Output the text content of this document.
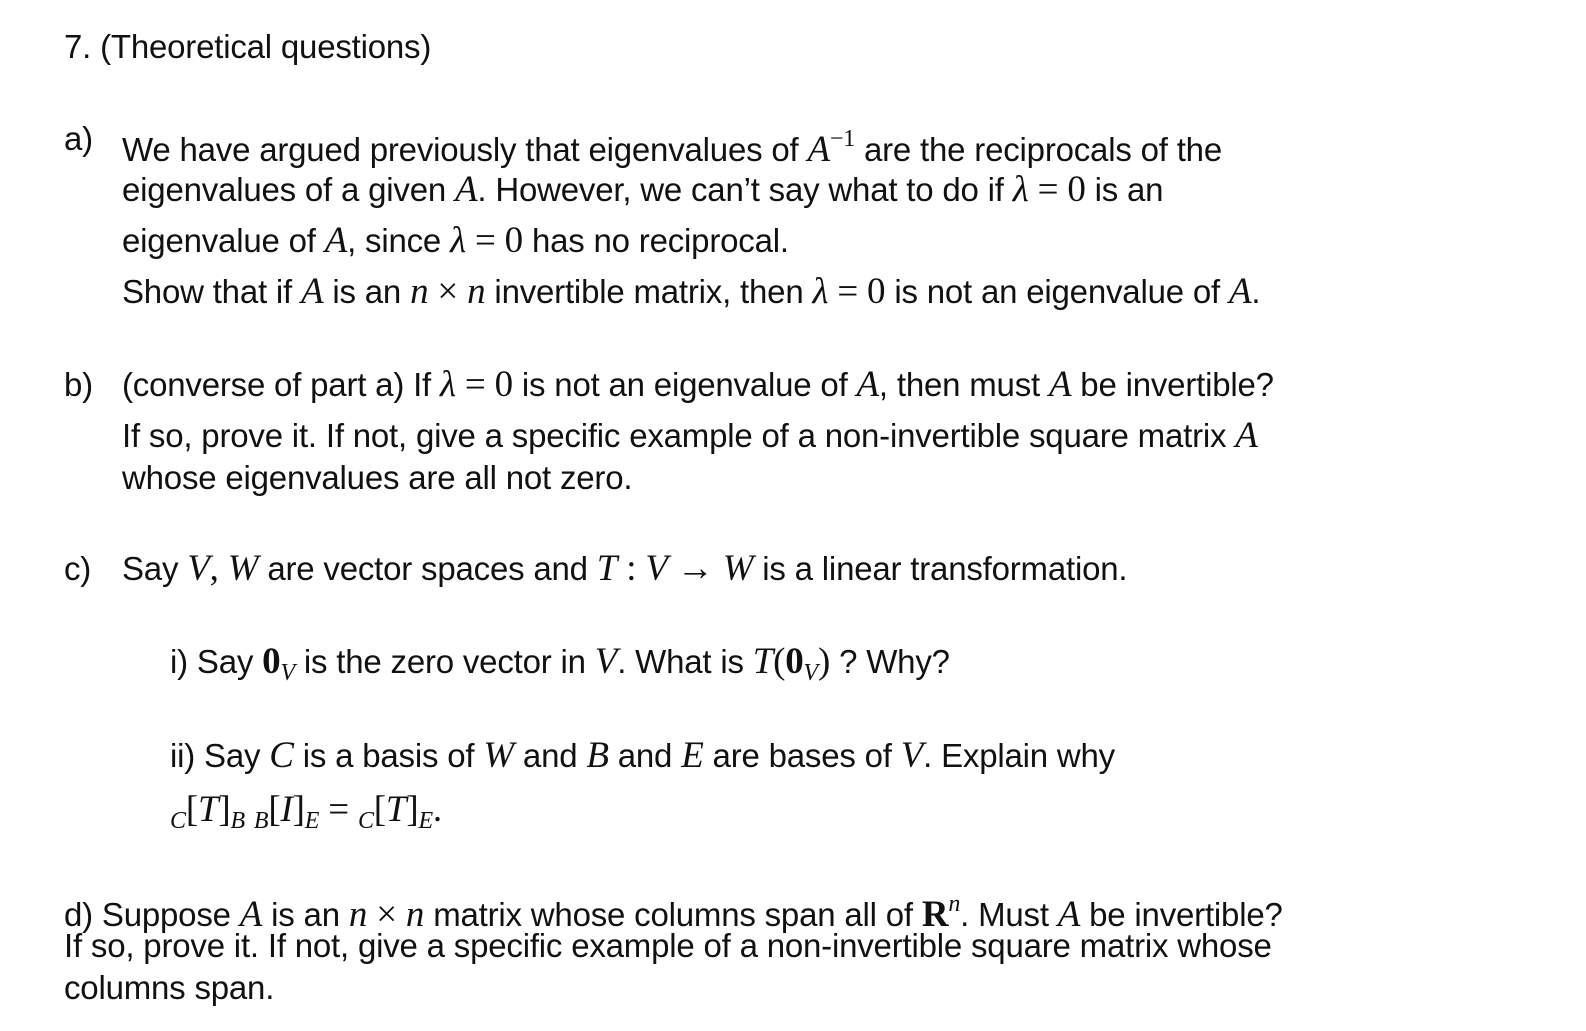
7. (Theoretical questions)
a) We have argued previously that eigenvalues of $A^{-1}$ are the reciprocals of the
eigenvalues of a given A. However, we can’t say what to do if λ = 0 is an
eigenvalue of A, since λ = 0 has no reciprocal.
Show that if A is an n × n invertible matrix, then λ = 0 is not an eigenvalue of A.
b) (converse of part a) If λ = 0 is not an eigenvalue of A, then must A be invertible?
If so, prove it. If not, give a specific example of a non-invertible square matrix A
whose eigenvalues are all not zero.
c) Say V, W are vector spaces and T : V → W is a linear transformation.
i) Say $0_V$ is the zero vector in V. What is $T(0_V)$ ? Why?
ii) Say C is a basis of W and B and E are bases of V. Explain why
$_C[T]_B$ $_B[I]_E = _C[T]_E$.
d) Suppose A is an n × n matrix whose columns span all of $R^n$. Must A be invertible?
If so, prove it. If not, give a specific example of a non-invertible square matrix whose
columns span.
